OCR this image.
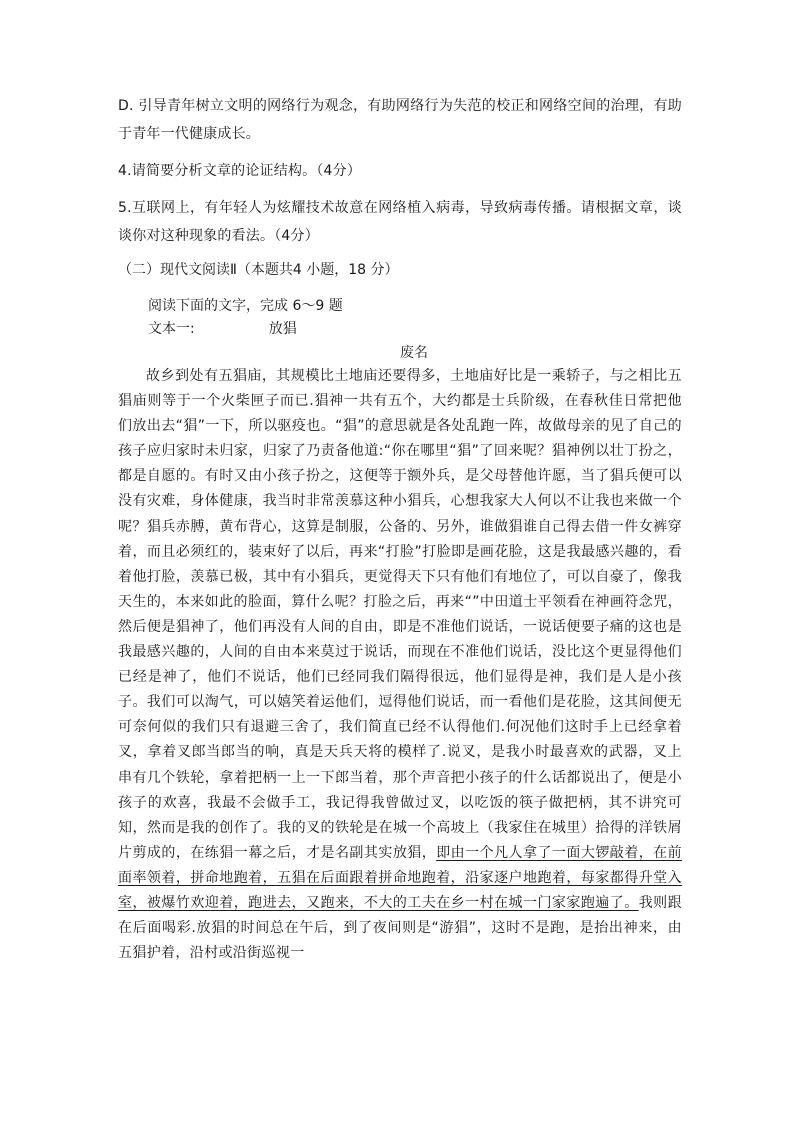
D. 引导青年树立文明的网络行为观念，有助网络行为失范的校正和网络空间的治理，有助于青年一代健康成长。

4.请简要分析文章的论证结构。（4分）

5.互联网上，有年轻人为炫耀技术故意在网络植入病毒，导致病毒传播。请根据文章，谈谈你对这种现象的看法。（4分）

（二）现代文阅读Ⅱ（本题共4 小题，18 分）

阅读下面的文字，完成 6～9 题

文本一:	放猖

废名

故乡到处有五猖庙，其规模比土地庙还要得多，土地庙好比是一乘轿子，与之相比五猖庙则等于一个火柴匣子而已.猖神一共有五个，大约都是士兵阶级，在春秋佳日常把他们放出去“猖”一下，所以驱疫也。“猖”的意思就是各处乱跑一阵，故做母亲的见了自己的孩子应归家时未归家，归家了乃责备他道:“你在哪里“猖”了回来呢？猖神例以壮丁扮之，都是自愿的。有时又由小孩子扮之，这便等于额外兵，是父母替他许愿，当了猖兵便可以没有灾难，身体健康，我当时非常羡慕这种小猖兵，心想我家大人何以不让我也来做一个呢？猖兵赤膊，黄布背心，这算是制服，公备的、另外，谁做猖谁自己得去借一件女裤穿着，而且必须红的，装束好了以后，再来“打脸”打脸即是画花脸，这是我最感兴趣的，看着他打脸，羡慕已极，其中有小猖兵，更觉得天下只有他们有地位了，可以自豪了，像我天生的，本来如此的脸面，算什么呢？打脸之后，再来“”中田道士平领看在神画符念咒，然后便是猖神了，他们再没有人间的自由，即是不准他们说话，一说话便要子痛的这也是我最感兴趣的，人间的自由本来莫过于说话，而现在不准他们说话，没比这个更显得他们已经是神了，他们不说话，他们已经同我们隔得很远，他们显得是神，我们是人是小孩子。我们可以淘气，可以嬉笑着运他们，逗得他们说话，而一看他们是花脸，这其间便无可奈何似的我们只有退避三舍了，我们简直已经不认得他们.何况他们这时手上已经拿着叉，拿着叉郎当郎当的响，真是天兵天将的模样了.说叉，是我小时最喜欢的武器，叉上串有几个铁轮，拿着把柄一上一下郎当着，那个声音把小孩子的什么话都说出了，便是小孩子的欢喜，我最不会做手工，我记得我曾做过叉，以吃饭的筷子做把柄，其不讲究可知，然而是我的创作了。我的叉的铁轮是在城一个高坡上（我家住在城里）拾得的洋铁屑片剪成的，在练猖一幕之后，才是名副其实放猖，即由一个凡人拿了一面大锣敲着，在前面率领着，拼命地跑着，五猖在后面跟着拼命地跑着，沿家逐户地跑着，每家都得升堂入室，被爆竹欢迎着，跑进去，又跑来，不大的工夫在乡一村在城一门家家跑遍了。我则跟在后面喝彩.放猖的时间总在午后，到了夜间则是“游猖”，这时不是跑，是抬出神来，由五猖护着，沿村或沿街巡视一
